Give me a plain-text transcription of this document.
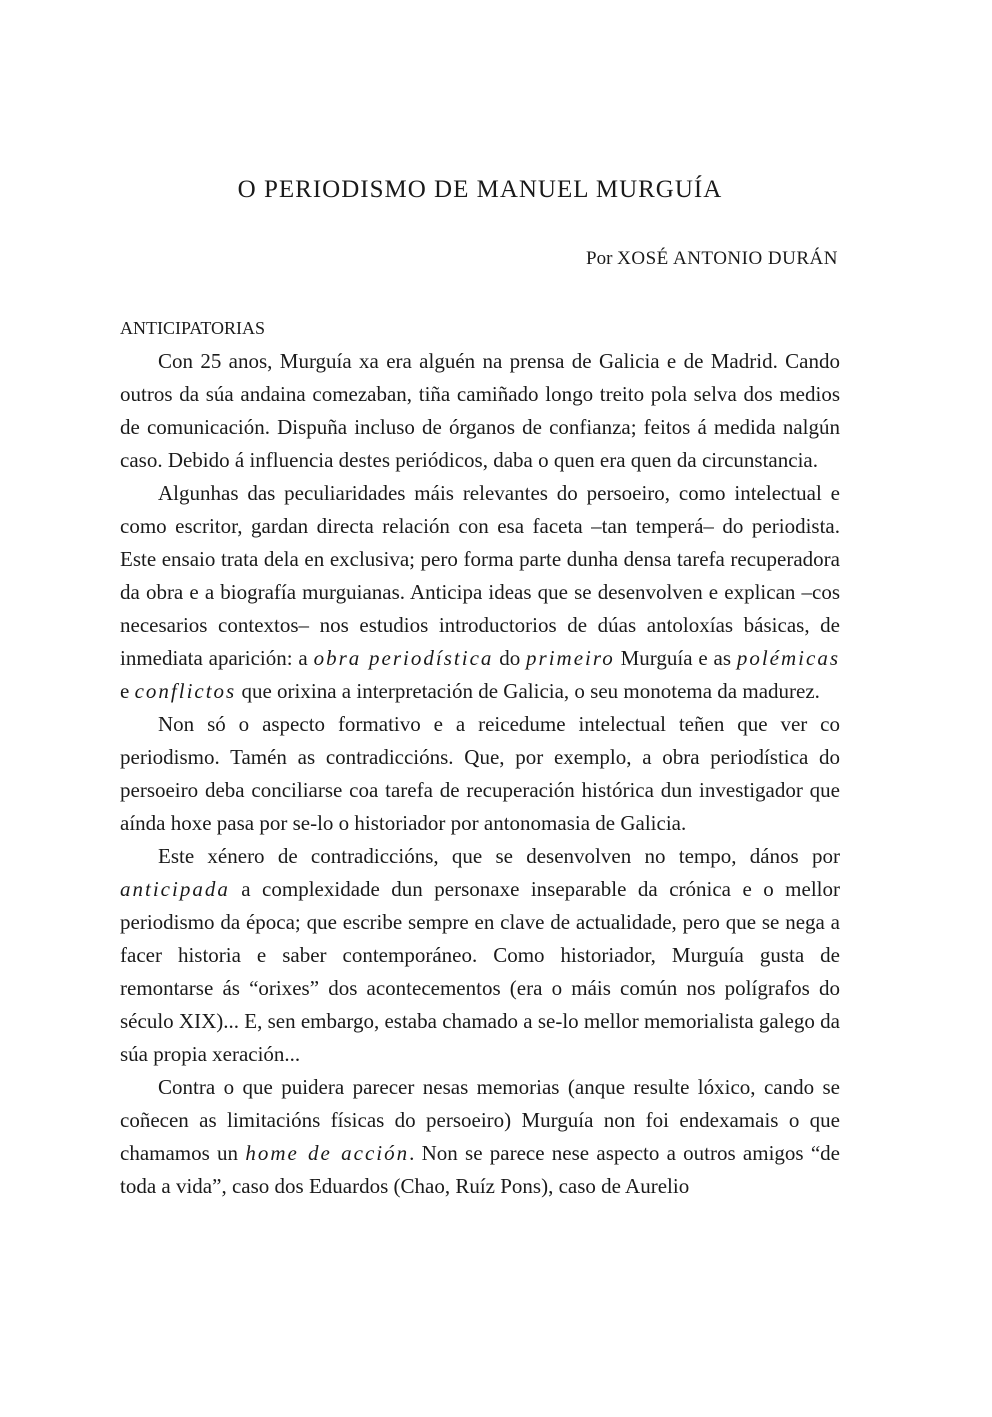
O PERIODISMO DE MANUEL MURGUÍA

Por XOSÉ ANTONIO DURÁN

ANTICIPATORIAS

Con 25 anos, Murguía xa era alguén na prensa de Galicia e de Madrid. Cando outros da súa andaina comezaban, tiña camiñado longo treito pola selva dos medios de comunicación. Dispuña incluso de órganos de confianza; feitos á medida nalgún caso. Debido á influencia destes periódicos, daba o quen era quen da circunstancia.

Algunhas das peculiaridades máis relevantes do persoeiro, como intelectual e como escritor, gardan directa relación con esa faceta –tan temperá– do periodista. Este ensaio trata dela en exclusiva; pero forma parte dunha densa tarefa recuperadora da obra e a biografía murguianas. Anticipa ideas que se desenvolven e explican –cos necesarios contextos– nos estudios introductorios de dúas antoloxías básicas, de inmediata aparición: a obra periodística do primeiro Murguía e as polémicas e conflictos que orixina a interpretación de Galicia, o seu monotema da madurez.

Non só o aspecto formativo e a reicedume intelectual teñen que ver co periodismo. Tamén as contradiccións. Que, por exemplo, a obra periodística do persoeiro deba conciliarse coa tarefa de recuperación histórica dun investigador que aínda hoxe pasa por se-lo o historiador por antonomasia de Galicia.

Este xénero de contradiccións, que se desenvolven no tempo, dános por anticipada a complexidade dun personaxe inseparable da crónica e o mellor periodismo da época; que escribe sempre en clave de actualidade, pero que se nega a facer historia e saber contemporáneo. Como historiador, Murguía gusta de remontarse ás “orixes” dos acontecementos (era o máis común nos polígrafos do século XIX)... E, sen embargo, estaba chamado a se-lo mellor memorialista galego da súa propia xeración...

Contra o que puidera parecer nesas memorias (anque resulte lóxico, cando se coñecen as limitacións físicas do persoeiro) Murguía non foi endexamais o que chamamos un home de acción. Non se parece nese aspecto a outros amigos “de toda a vida”, caso dos Eduardos (Chao, Ruíz Pons), caso de Aurelio
